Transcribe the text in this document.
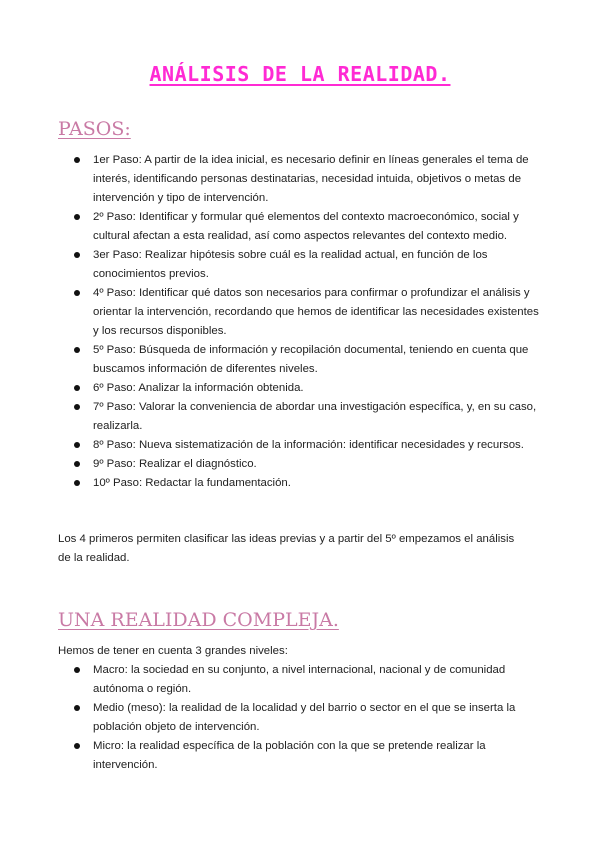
ANÁLISIS DE LA REALIDAD.
PASOS:
1er Paso: A partir de la idea inicial, es necesario definir en líneas generales el tema de interés, identificando personas destinatarias, necesidad intuida, objetivos o metas de intervención y tipo de intervención.
2º Paso: Identificar y formular qué elementos del contexto macroeconómico, social y cultural afectan a esta realidad, así como aspectos relevantes del contexto medio.
3er Paso: Realizar hipótesis sobre cuál es la realidad actual, en función de los conocimientos previos.
4º Paso: Identificar qué datos son necesarios para confirmar o profundizar el análisis y orientar la intervención, recordando que hemos de identificar las necesidades existentes y los recursos disponibles.
5º Paso: Búsqueda de información y recopilación documental, teniendo en cuenta que buscamos información de diferentes niveles.
6º Paso: Analizar la información obtenida.
7º Paso: Valorar la conveniencia de abordar una investigación específica, y, en su caso, realizarla.
8º Paso: Nueva sistematización de la información: identificar necesidades y recursos.
9º Paso: Realizar el diagnóstico.
10º Paso: Redactar la fundamentación.

Los 4 primeros permiten clasificar las ideas previas y a partir del 5º empezamos el análisis de la realidad.

UNA REALIDAD COMPLEJA.

Hemos de tener en cuenta 3 grandes niveles:

Macro: la sociedad en su conjunto, a nivel internacional, nacional y de comunidad autónoma o región.
Medio (meso): la realidad de la localidad y del barrio o sector en el que se inserta la población objeto de intervención.
Micro: la realidad específica de la población con la que se pretende realizar la intervención.
